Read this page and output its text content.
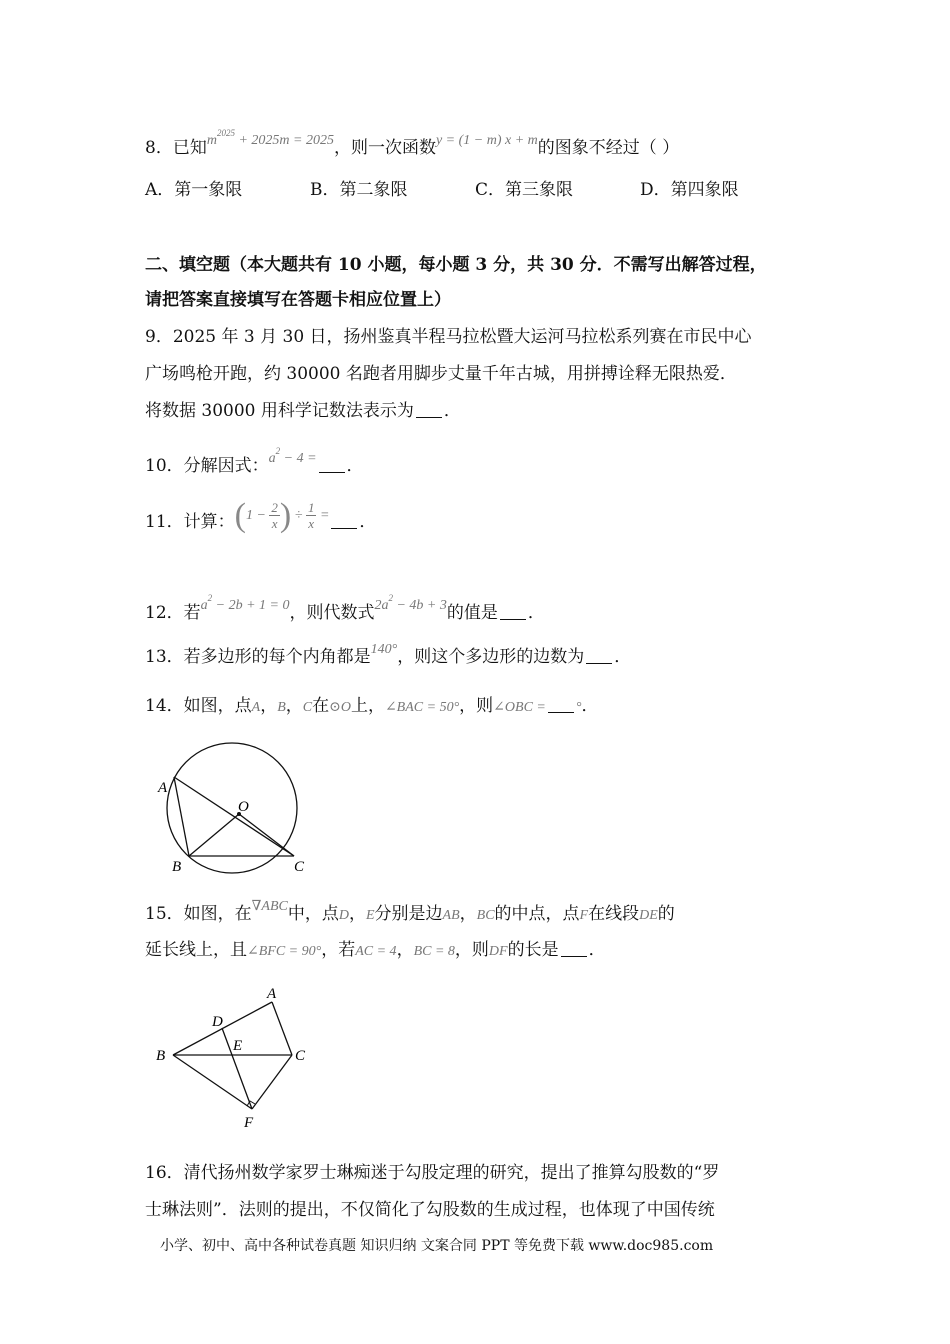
8．已知$^{m^{2025} + 2025m = 2025}$，则一次函数$^{y = (1 - m) x + m}$的图象不经过（ ）
A．第一象限	B．第二象限	C．第三象限	D．第四象限
二、填空题（本大题共有 10 小题，每小题 3 分，共 30 分．不需写出解答过程，
请把答案直接填写在答题卡相应位置上）
9．2025 年 3 月 30 日，扬州鉴真半程马拉松暨大运河马拉松系列赛在市民中心
广场鸣枪开跑，约 30000 名跑者用脚步丈量千年古城，用拼搏诠释无限热爱．
将数据 30000 用科学记数法表示为 ．
10．分解因式：$^{a^2 - 4 =}$ ．
11．计算：$^{(1 - \frac{2}{x} ) \div \frac{1}{x} =}$ ．
12．若$^{a^2 - 2b + 1 = 0}$，则代数式$^{2a^2 - 4b + 3}$的值是 ．
13．若多边形的每个内角都是$^{140^\circ}$，则这个多边形的边数为 ．
14．如图，点A，B，C在⊙O上，∠BAC = 50°，则∠OBC = °．
A
O
B	C
15．如图，在$^{\nabla ABC}$中，点D，E分别是边AB，BC的中点，点F在线段DE的
延长线上，且∠BFC = 90°，若AC = 4，BC = 8，则DF的长是 ．
A
D
B
E
C
F
16．清代扬州数学家罗士琳痴迷于勾股定理的研究，提出了推算勾股数的“罗
士琳法则”．法则的提出，不仅简化了勾股数的生成过程，也体现了中国传统
小学、初中、高中各种试卷真题 知识归纳 文案合同 PPT 等免费下载 www.doc985.com
